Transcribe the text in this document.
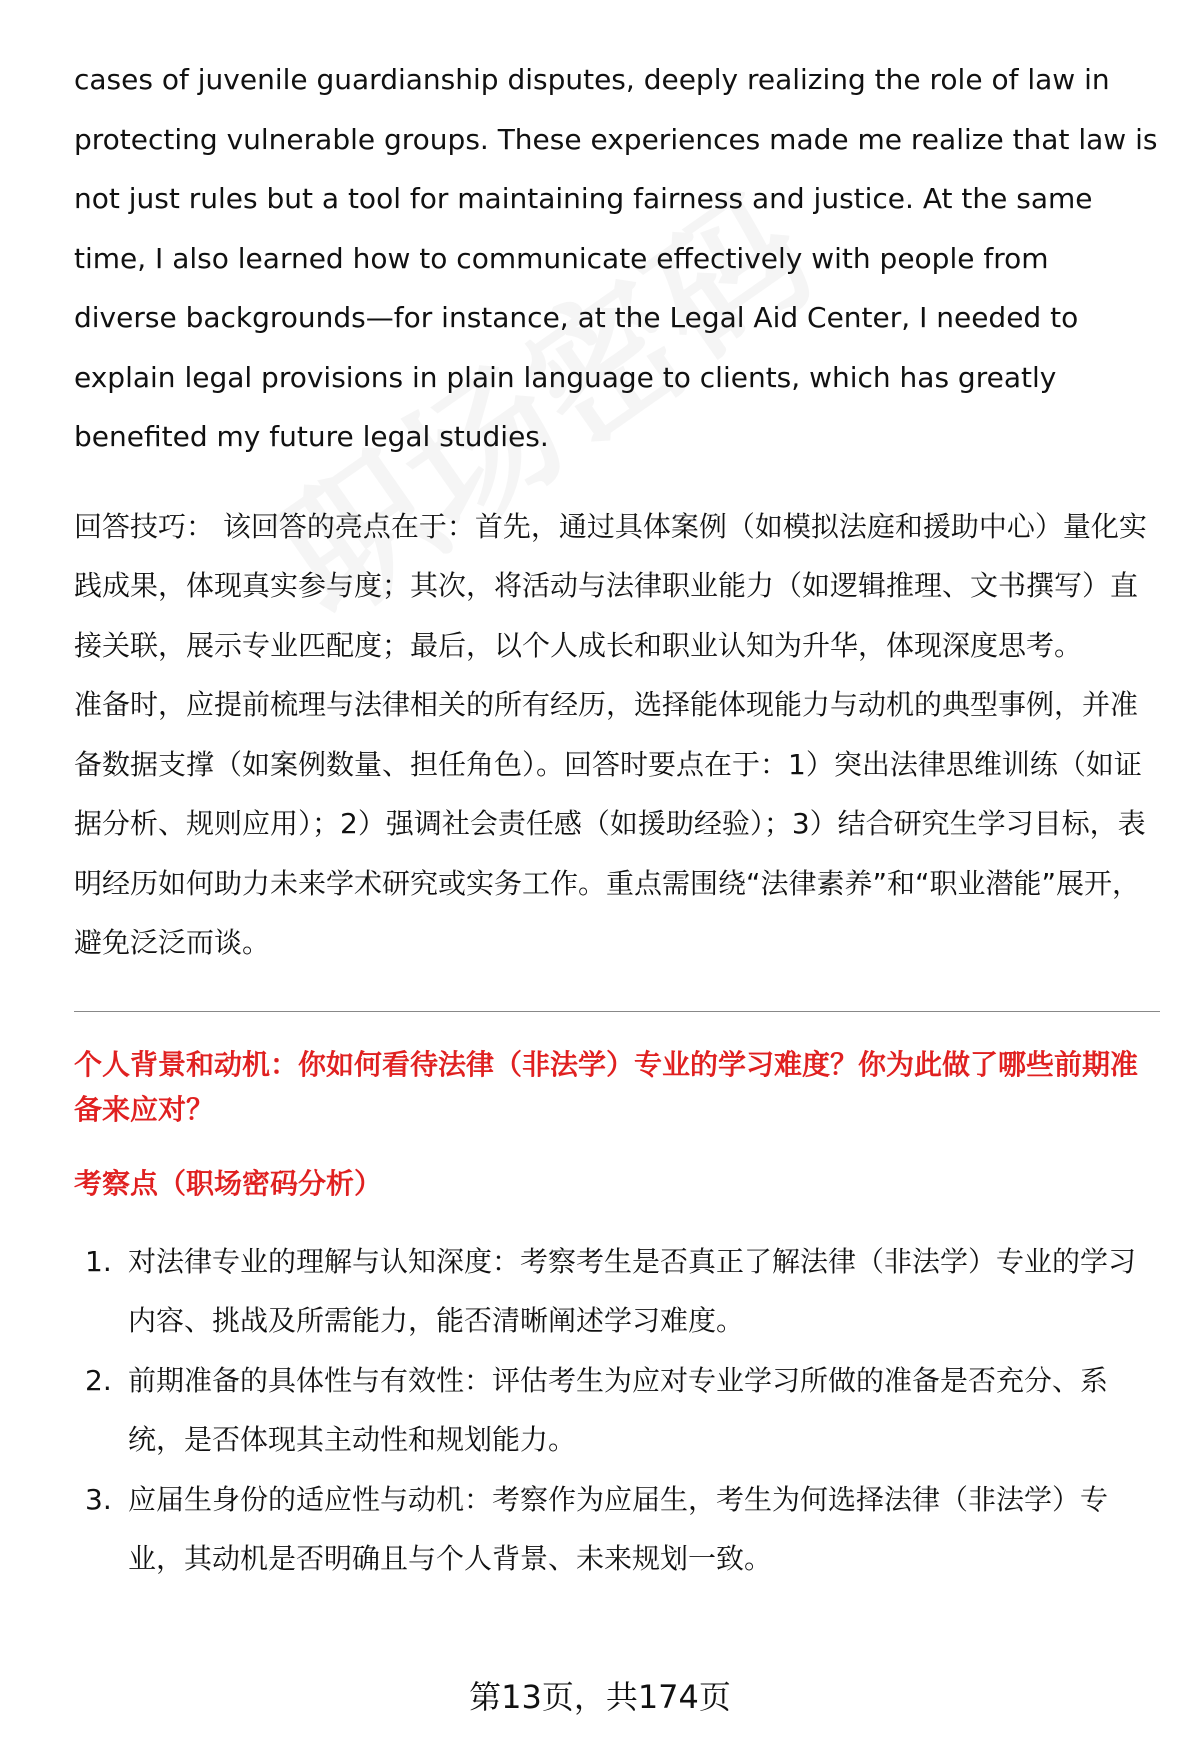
cases of juvenile guardianship disputes, deeply realizing the role of law in protecting vulnerable groups. These experiences made me realize that law is not just rules but a tool for maintaining fairness and justice. At the same time, I also learned how to communicate effectively with people from diverse backgrounds—for instance, at the Legal Aid Center, I needed to explain legal provisions in plain language to clients, which has greatly benefited my future legal studies.

回答技巧： 该回答的亮点在于：首先，通过具体案例（如模拟法庭和援助中心）量化实践成果，体现真实参与度；其次，将活动与法律职业能力（如逻辑推理、文书撰写）直接关联，展示专业匹配度；最后，以个人成长和职业认知为升华，体现深度思考。

准备时，应提前梳理与法律相关的所有经历，选择能体现能力与动机的典型事例，并准备数据支撑（如案例数量、担任角色）。回答时要点在于：1）突出法律思维训练（如证据分析、规则应用）；2）强调社会责任感（如援助经验）；3）结合研究生学习目标，表明经历如何助力未来学术研究或实务工作。重点需围绕“法律素养”和“职业潜能”展开，避免泛泛而谈。

个人背景和动机：你如何看待法律（非法学）专业的学习难度？你为此做了哪些前期准备来应对？

考察点（职场密码分析）

1. 对法律专业的理解与认知深度：考察考生是否真正了解法律（非法学）专业的学习内容、挑战及所需能力，能否清晰阐述学习难度。
2. 前期准备的具体性与有效性：评估考生为应对专业学习所做的准备是否充分、系统，是否体现其主动性和规划能力。
3. 应届生身份的适应性与动机：考察作为应届生，考生为何选择法律（非法学）专业，其动机是否明确且与个人背景、未来规划一致。
第13页，共174页
